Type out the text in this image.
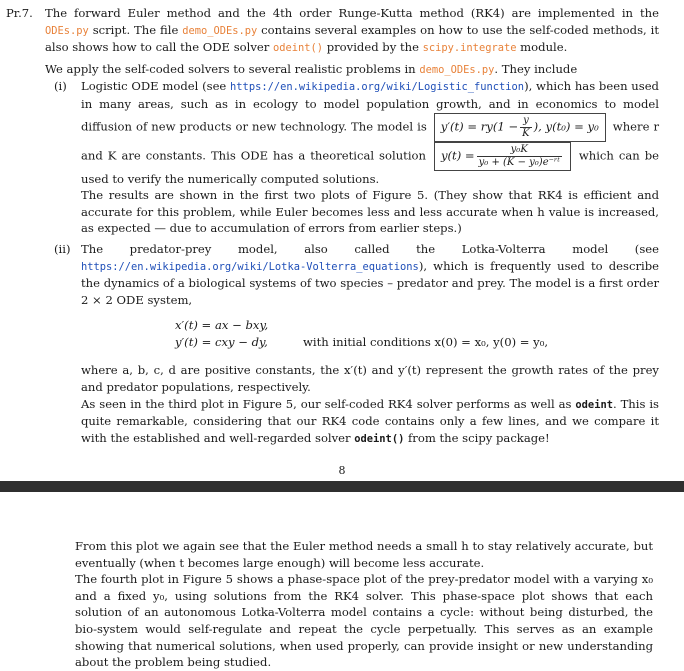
Pr.7. The forward Euler method and the 4th order Runge-Kutta method (RK4) are implemented in the ODEs.py script. The file demo_ODEs.py contains several examples on how to use the self-coded methods, it also shows how to call the ODE solver odeint() provided by the scipy.integrate module.

We apply the self-coded solvers to several realistic problems in demo_ODEs.py. They include

(i) Logistic ODE model (see https://en.wikipedia.org/wiki/Logistic_function), which has been used in many areas, such as in ecology to model population growth, and in economics to model diffusion of new products or new technology. The model is $y'(t) = ry(1 - \frac{y}{K}$ ), y(t₀) = y₀ where r and K are constants. This ODE has a theoretical solution $y(t) = \frac{\text{y₀K}}{\text{y₀ + (K − y₀)e⁻ʳᵗ}}$ which can be used to verify the numerically computed solutions.

The results are shown in the first two plots of Figure 5. (They show that RK4 is efficient and accurate for this problem, while Euler becomes less and less accurate when h value is increased, as expected — due to accumulation of errors from earlier steps.)

(ii) The predator-prey model, also called the Lotka-Volterra model (see https://en.wikipedia.org/wiki/Lotka-Volterra_equations), which is frequently used to describe the dynamics of a biological systems of two species – predator and prey. The model is a first order 2 × 2 ODE system,

x′(t) = ax − bxy,
y′(t) = cxy − dy,	with initial conditions x(0) = x₀, y(0) = y₀,

where a, b, c, d are positive constants, the x′(t) and y′(t) represent the growth rates of the prey and predator populations, respectively.

As seen in the third plot in Figure 5, our self-coded RK4 solver performs as well as odeint. This is quite remarkable, considering that our RK4 code contains only a few lines, and we compare it with the established and well-regarded solver odeint() from the scipy package!

8

From this plot we again see that the Euler method needs a small h to stay relatively accurate, but eventually (when t becomes large enough) will become less accurate.

The fourth plot in Figure 5 shows a phase-space plot of the prey-predator model with a varying x₀ and a fixed y₀, using solutions from the RK4 solver. This phase-space plot shows that each solution of an autonomous Lotka-Volterra model contains a cycle: without being disturbed, the bio-system would self-regulate and repeat the cycle perpetually. This serves as an example showing that numerical solutions, when used properly, can provide insight or new understanding about the problem being studied.
